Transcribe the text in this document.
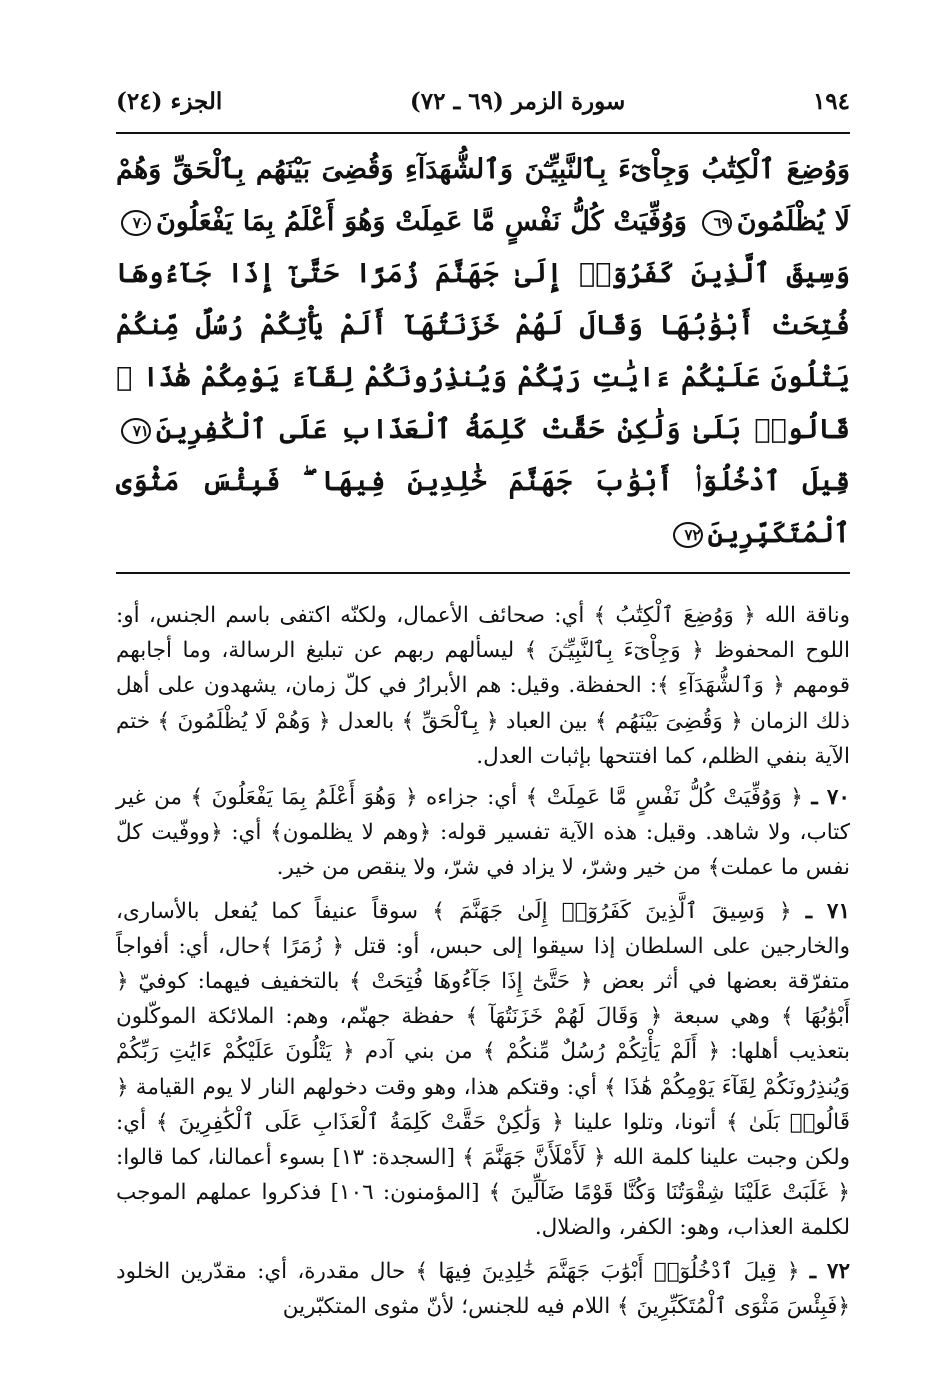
١٩٤
سورة الزمر (٦٩ ـ ٧٢)
الجزء (٢٤)
وَوُضِعَ ٱلْكِتَٰبُ وَجِاْىٓءَ بِٱلنَّبِيِّـۧنَ وَٱلشُّهَدَآءِ وَقُضِىَ بَيْنَهُم بِٱلْحَقِّ وَهُمْ لَا يُظْلَمُونَ٦٩ وَوُفِّيَتْ كُلُّ نَفْسٍ مَّا عَمِلَتْ وَهُوَ أَعْلَمُ بِمَا يَفْعَلُونَ٧٠ وَسِيقَ ٱلَّذِينَ كَفَرُوٓا۟ إِلَىٰ جَهَنَّمَ زُمَرًا حَتَّىٰٓ إِذَا جَآءُوهَا فُتِحَتْ أَبْوَٰبُهَا وَقَالَ لَهُمْ خَزَنَتُهَآ أَلَمْ يَأْتِكُمْ رُسُلٌ مِّنكُمْ يَتْلُونَ عَلَيْكُمْ ءَايَٰتِ رَبِّكُمْ وَيُنذِرُونَكُمْ لِقَآءَ يَوْمِكُمْ هَٰذَا ۚ قَالُوا۟ بَلَىٰ وَلَٰكِنْ حَقَّتْ كَلِمَةُ ٱلْعَذَابِ عَلَى ٱلْكَٰفِرِينَ٧١ قِيلَ ٱدْخُلُوٓا۟ أَبْوَٰبَ جَهَنَّمَ خَٰلِدِينَ فِيهَا ۖ فَبِئْسَ مَثْوَى ٱلْمُتَكَبِّرِينَ٧٢

وناقة الله ﴿ وَوُضِعَ ٱلْكِتَٰبُ ﴾ أي: صحائف الأعمال، ولكنّه اكتفى باسم الجنس، أو: اللوح المحفوظ ﴿ وَجِاْىٓءَ بِٱلنَّبِيِّـۧنَ ﴾ ليسألهم ربهم عن تبليغ الرسالة، وما أجابهم قومهم ﴿ وَٱلشُّهَدَآءِ ﴾: الحفظة. وقيل: هم الأبرارُ في كلّ زمان، يشهدون على أهل ذلك الزمان ﴿ وَقُضِىَ بَيْنَهُم ﴾ بين العباد ﴿ بِٱلْحَقِّ ﴾ بالعدل ﴿ وَهُمْ لَا يُظْلَمُونَ ﴾ ختم الآية بنفي الظلم، كما افتتحها بإثبات العدل.

٧٠ ـ ﴿ وَوُفِّيَتْ كُلُّ نَفْسٍ مَّا عَمِلَتْ ﴾ أي: جزاءه ﴿ وَهُوَ أَعْلَمُ بِمَا يَفْعَلُونَ ﴾ من غير كتاب، ولا شاهد. وقيل: هذه الآية تفسير قوله: ﴿وهم لا يظلمون﴾ أي: ﴿ووفّيت كلّ نفس ما عملت﴾ من خير وشرّ، لا يزاد في شرّ، ولا ينقص من خير.

٧١ ـ ﴿ وَسِيقَ ٱلَّذِينَ كَفَرُوٓا۟ إِلَىٰ جَهَنَّمَ ﴾ سوقاً عنيفاً كما يُفعل بالأسارى، والخارجين على السلطان إذا سيقوا إلى حبس، أو: قتل ﴿ زُمَرًا ﴾حال، أي: أفواجاً متفرّقة بعضها في أثر بعض ﴿ حَتَّىٰٓ إِذَا جَآءُوهَا فُتِحَتْ ﴾ بالتخفيف فيهما: كوفيّ ﴿ أَبْوَٰبُهَا ﴾ وهي سبعة ﴿ وَقَالَ لَهُمْ خَزَنَتُهَآ ﴾ حفظة جهنّم، وهم: الملائكة الموكّلون بتعذيب أهلها: ﴿ أَلَمْ يَأْتِكُمْ رُسُلٌ مِّنكُمْ ﴾ من بني آدم ﴿ يَتْلُونَ عَلَيْكُمْ ءَايَٰتِ رَبِّكُمْ وَيُنذِرُونَكُمْ لِقَآءَ يَوْمِكُمْ هَٰذَا ﴾ أي: وقتكم هذا، وهو وقت دخولهم النار لا يوم القيامة ﴿ قَالُوا۟ بَلَىٰ ﴾ أتونا، وتلوا علينا ﴿ وَلَٰكِنْ حَقَّتْ كَلِمَةُ ٱلْعَذَابِ عَلَى ٱلْكَٰفِرِينَ ﴾ أي: ولكن وجبت علينا كلمة الله ﴿ لَأَمْلَأَنَّ جَهَنَّمَ ﴾ [السجدة: ١٣] بسوء أعمالنا، كما قالوا: ﴿ غَلَبَتْ عَلَيْنَا شِقْوَتُنَا وَكُنَّا قَوْمًا ضَآلِّينَ ﴾ [المؤمنون: ١٠٦] فذكروا عملهم الموجب لكلمة العذاب، وهو: الكفر، والضلال.

٧٢ ـ ﴿ قِيلَ ٱدْخُلُوٓا۟ أَبْوَٰبَ جَهَنَّمَ خَٰلِدِينَ فِيهَا ﴾ حال مقدرة، أي: مقدّرين الخلود ﴿فَبِئْسَ مَثْوَى ٱلْمُتَكَبِّرِينَ ﴾ اللام فيه للجنس؛ لأنّ مثوى المتكبّرين
